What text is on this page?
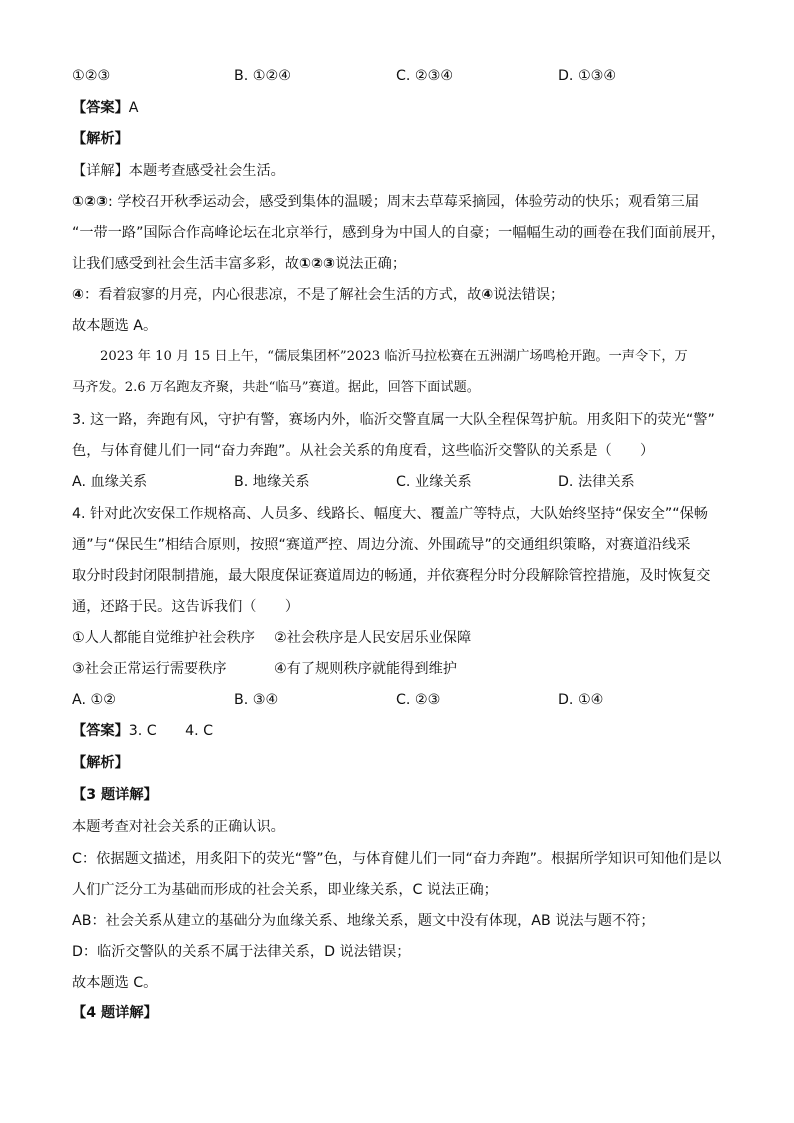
①②③	B. ①②④	C. ②③④	D. ①③④
【答案】A
【解析】
【详解】本题考查感受社会生活。
①②③: 学校召开秋季运动会，感受到集体的温暖；周末去草莓采摘园，体验劳动的快乐；观看第三届
“一带一路”国际合作高峰论坛在北京举行，感到身为中国人的自豪；一幅幅生动的画卷在我们面前展开，
让我们感受到社会生活丰富多彩，故①②③说法正确；
④：看着寂寥的月亮，内心很悲凉，不是了解社会生活的方式，故④说法错误；
故本题选 A。
2023 年 10 月 15 日上午，“儒辰集团杯”2023 临沂马拉松赛在五洲湖广场鸣枪开跑。一声令下，万
马齐发。2.6 万名跑友齐聚，共赴“临马”赛道。据此，回答下面试题。
3. 这一路，奔跑有风，守护有警，赛场内外，临沂交警直属一大队全程保驾护航。用炙阳下的荧光“警”
色，与体育健儿们一同“奋力奔跑”。从社会关系的角度看，这些临沂交警队的关系是（　　）
A. 血缘关系	B. 地缘关系	C. 业缘关系	D. 法律关系
4. 针对此次安保工作规格高、人员多、线路长、幅度大、覆盖广等特点，大队始终坚持“保安全”“保畅
通”与“保民生”相结合原则，按照“赛道严控、周边分流、外围疏导”的交通组织策略，对赛道沿线采
取分时段封闭限制措施，最大限度保证赛道周边的畅通，并依赛程分时分段解除管控措施，及时恢复交
通，还路于民。这告诉我们（　　）
①人人都能自觉维护社会秩序 ②社会秩序是人民安居乐业保障
③社会正常运行需要秩序	④有了规则秩序就能得到维护
A. ①②	B. ③④	C. ②③	D. ①④
【答案】3. C　　4. C
【解析】
【3 题详解】
本题考查对社会关系的正确认识。
C：依据题文描述，用炙阳下的荧光“警”色，与体育健儿们一同“奋力奔跑”。根据所学知识可知他们是以
人们广泛分工为基础而形成的社会关系，即业缘关系，C 说法正确；
AB：社会关系从建立的基础分为血缘关系、地缘关系，题文中没有体现，AB 说法与题不符；
D：临沂交警队的关系不属于法律关系，D 说法错误；
故本题选 C。
【4 题详解】
